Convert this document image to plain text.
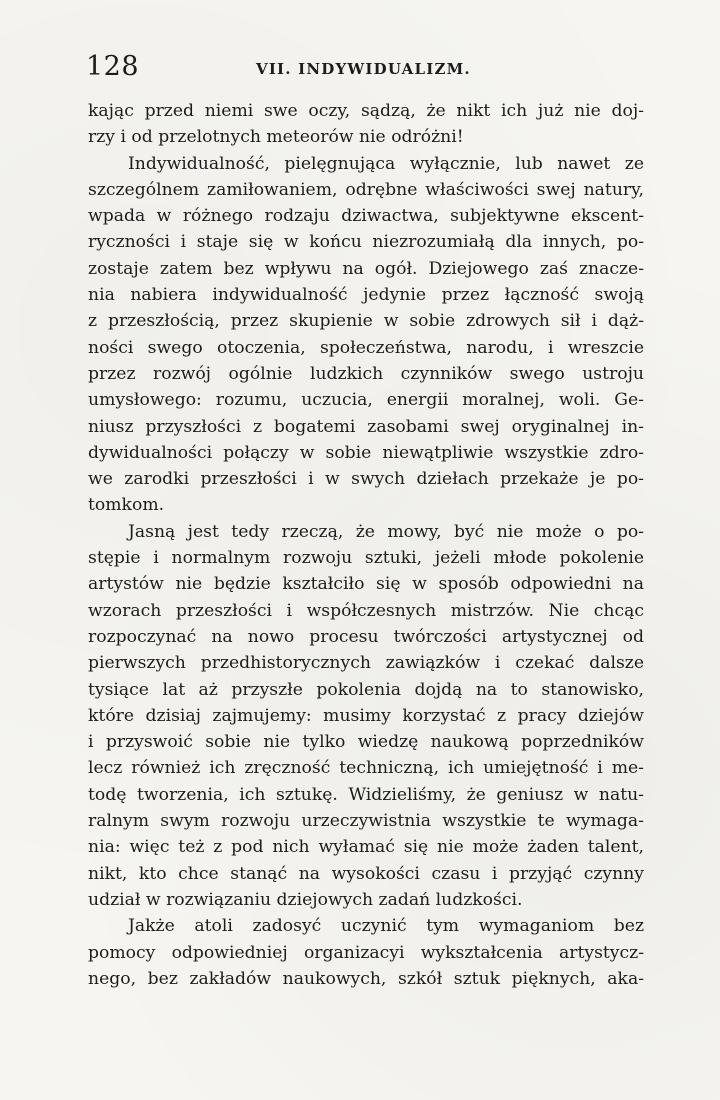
128	VII. INDYWIDUALIZM.
kając przed niemi swe oczy, sądzą, że nikt ich już nie doj-
rzy i od przelotnych meteorów nie odróżni!
Indywidualność, pielęgnująca wyłącznie, lub nawet ze
szczególnem zamiłowaniem, odrębne właściwości swej natury,
wpada w różnego rodzaju dziwactwa, subjektywne ekscent-
ryczności i staje się w końcu niezrozumiałą dla innych, po-
zostaje zatem bez wpływu na ogół. Dziejowego zaś znacze-
nia nabiera indywidualność jedynie przez łączność swoją
z przeszłością, przez skupienie w sobie zdrowych sił i dąż-
ności swego otoczenia, społeczeństwa, narodu, i wreszcie
przez rozwój ogólnie ludzkich czynników swego ustroju
umysłowego: rozumu, uczucia, energii moralnej, woli. Ge-
niusz przyszłości z bogatemi zasobami swej oryginalnej in-
dywidualności połączy w sobie niewątpliwie wszystkie zdro-
we zarodki przeszłości i w swych dziełach przekaże je po-
tomkom.
Jasną jest tedy rzeczą, że mowy, być nie może o po-
stępie i normalnym rozwoju sztuki, jeżeli młode pokolenie
artystów nie będzie kształciło się w sposób odpowiedni na
wzorach przeszłości i współczesnych mistrzów. Nie chcąc
rozpoczynać na nowo procesu twórczości artystycznej od
pierwszych przedhistorycznych zawiązków i czekać dalsze
tysiące lat aż przyszłe pokolenia dojdą na to stanowisko,
które dzisiaj zajmujemy: musimy korzystać z pracy dziejów
i przyswoić sobie nie tylko wiedzę naukową poprzedników
lecz również ich zręczność techniczną, ich umiejętność i me-
todę tworzenia, ich sztukę. Widzieliśmy, że geniusz w natu-
ralnym swym rozwoju urzeczywistnia wszystkie te wymaga-
nia: więc też z pod nich wyłamać się nie może żaden talent,
nikt, kto chce stanąć na wysokości czasu i przyjąć czynny
udział w rozwiązaniu dziejowych zadań ludzkości.
Jakże atoli zadosyć uczynić tym wymaganiom bez
pomocy odpowiedniej organizacyi wykształcenia artystycz-
nego, bez zakładów naukowych, szkół sztuk pięknych, aka-
